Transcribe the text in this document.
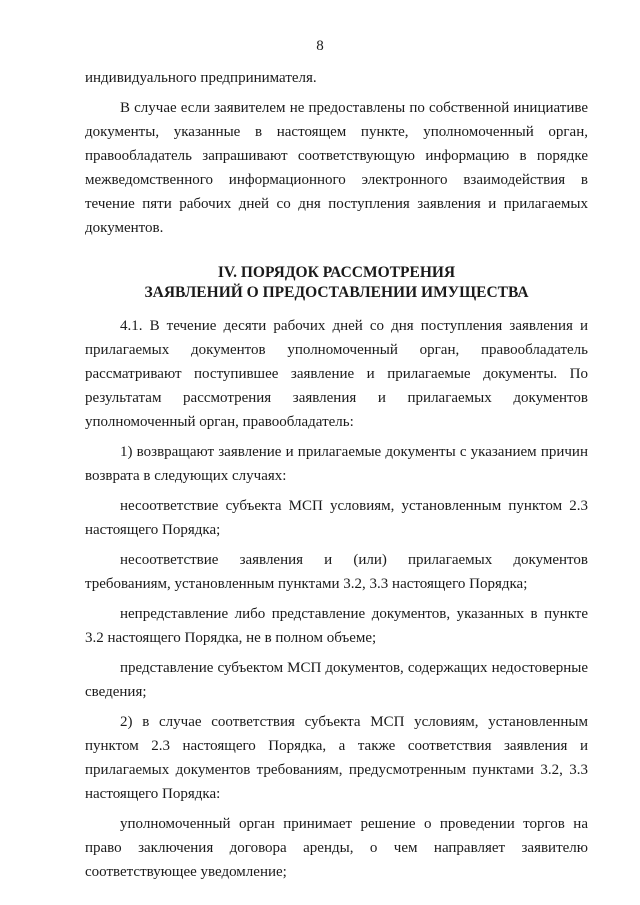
8

индивидуального предпринимателя.

В случае если заявителем не предоставлены по собственной инициативе документы, указанные в настоящем пункте, уполномоченный орган, правообладатель запрашивают соответствующую информацию в порядке межведомственного информационного электронного взаимодействия в течение пяти рабочих дней со дня поступления заявления и прилагаемых документов.

IV. ПОРЯДОК РАССМОТРЕНИЯ
ЗАЯВЛЕНИЙ О ПРЕДОСТАВЛЕНИИ ИМУЩЕСТВА

4.1. В течение десяти рабочих дней со дня поступления заявления и прилагаемых документов уполномоченный орган, правообладатель рассматривают поступившее заявление и прилагаемые документы. По результатам рассмотрения заявления и прилагаемых документов уполномоченный орган, правообладатель:

1) возвращают заявление и прилагаемые документы с указанием причин возврата в следующих случаях:

несоответствие субъекта МСП условиям, установленным пунктом 2.3 настоящего Порядка;

несоответствие заявления и (или) прилагаемых документов требованиям, установленным пунктами 3.2, 3.3 настоящего Порядка;

непредставление либо представление документов, указанных в пункте 3.2 настоящего Порядка, не в полном объеме;

представление субъектом МСП документов, содержащих недостоверные сведения;

2) в случае соответствия субъекта МСП условиям, установленным пунктом 2.3 настоящего Порядка, а также соответствия заявления и прилагаемых документов требованиям, предусмотренным пунктами 3.2, 3.3 настоящего Порядка:

уполномоченный орган принимает решение о проведении торгов на право заключения договора аренды, о чем направляет заявителю соответствующее уведомление;
